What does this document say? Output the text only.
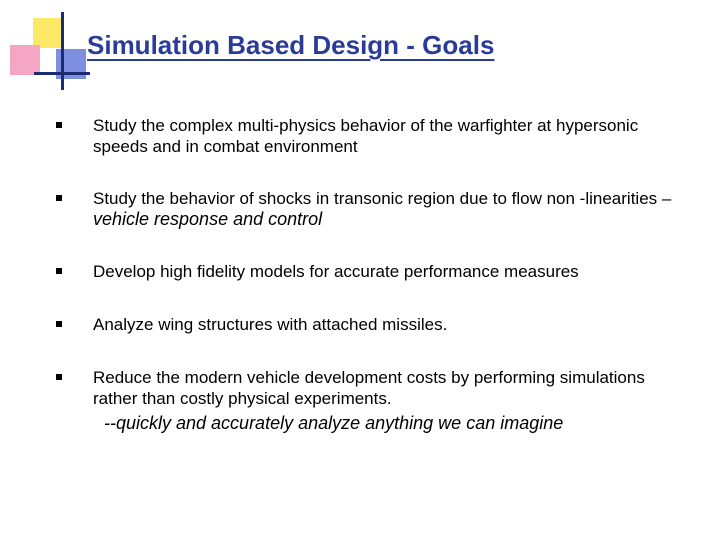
Simulation Based Design - Goals
Study the complex multi-physics behavior of the warfighter at hypersonic speeds and in combat environment
Study the behavior of shocks in transonic region due to flow non -linearities – vehicle response and control
Develop high fidelity models for accurate performance measures
Analyze wing structures with attached missiles.
Reduce the modern vehicle development costs by performing simulations rather than costly physical experiments.
--quickly and accurately analyze anything we can imagine
